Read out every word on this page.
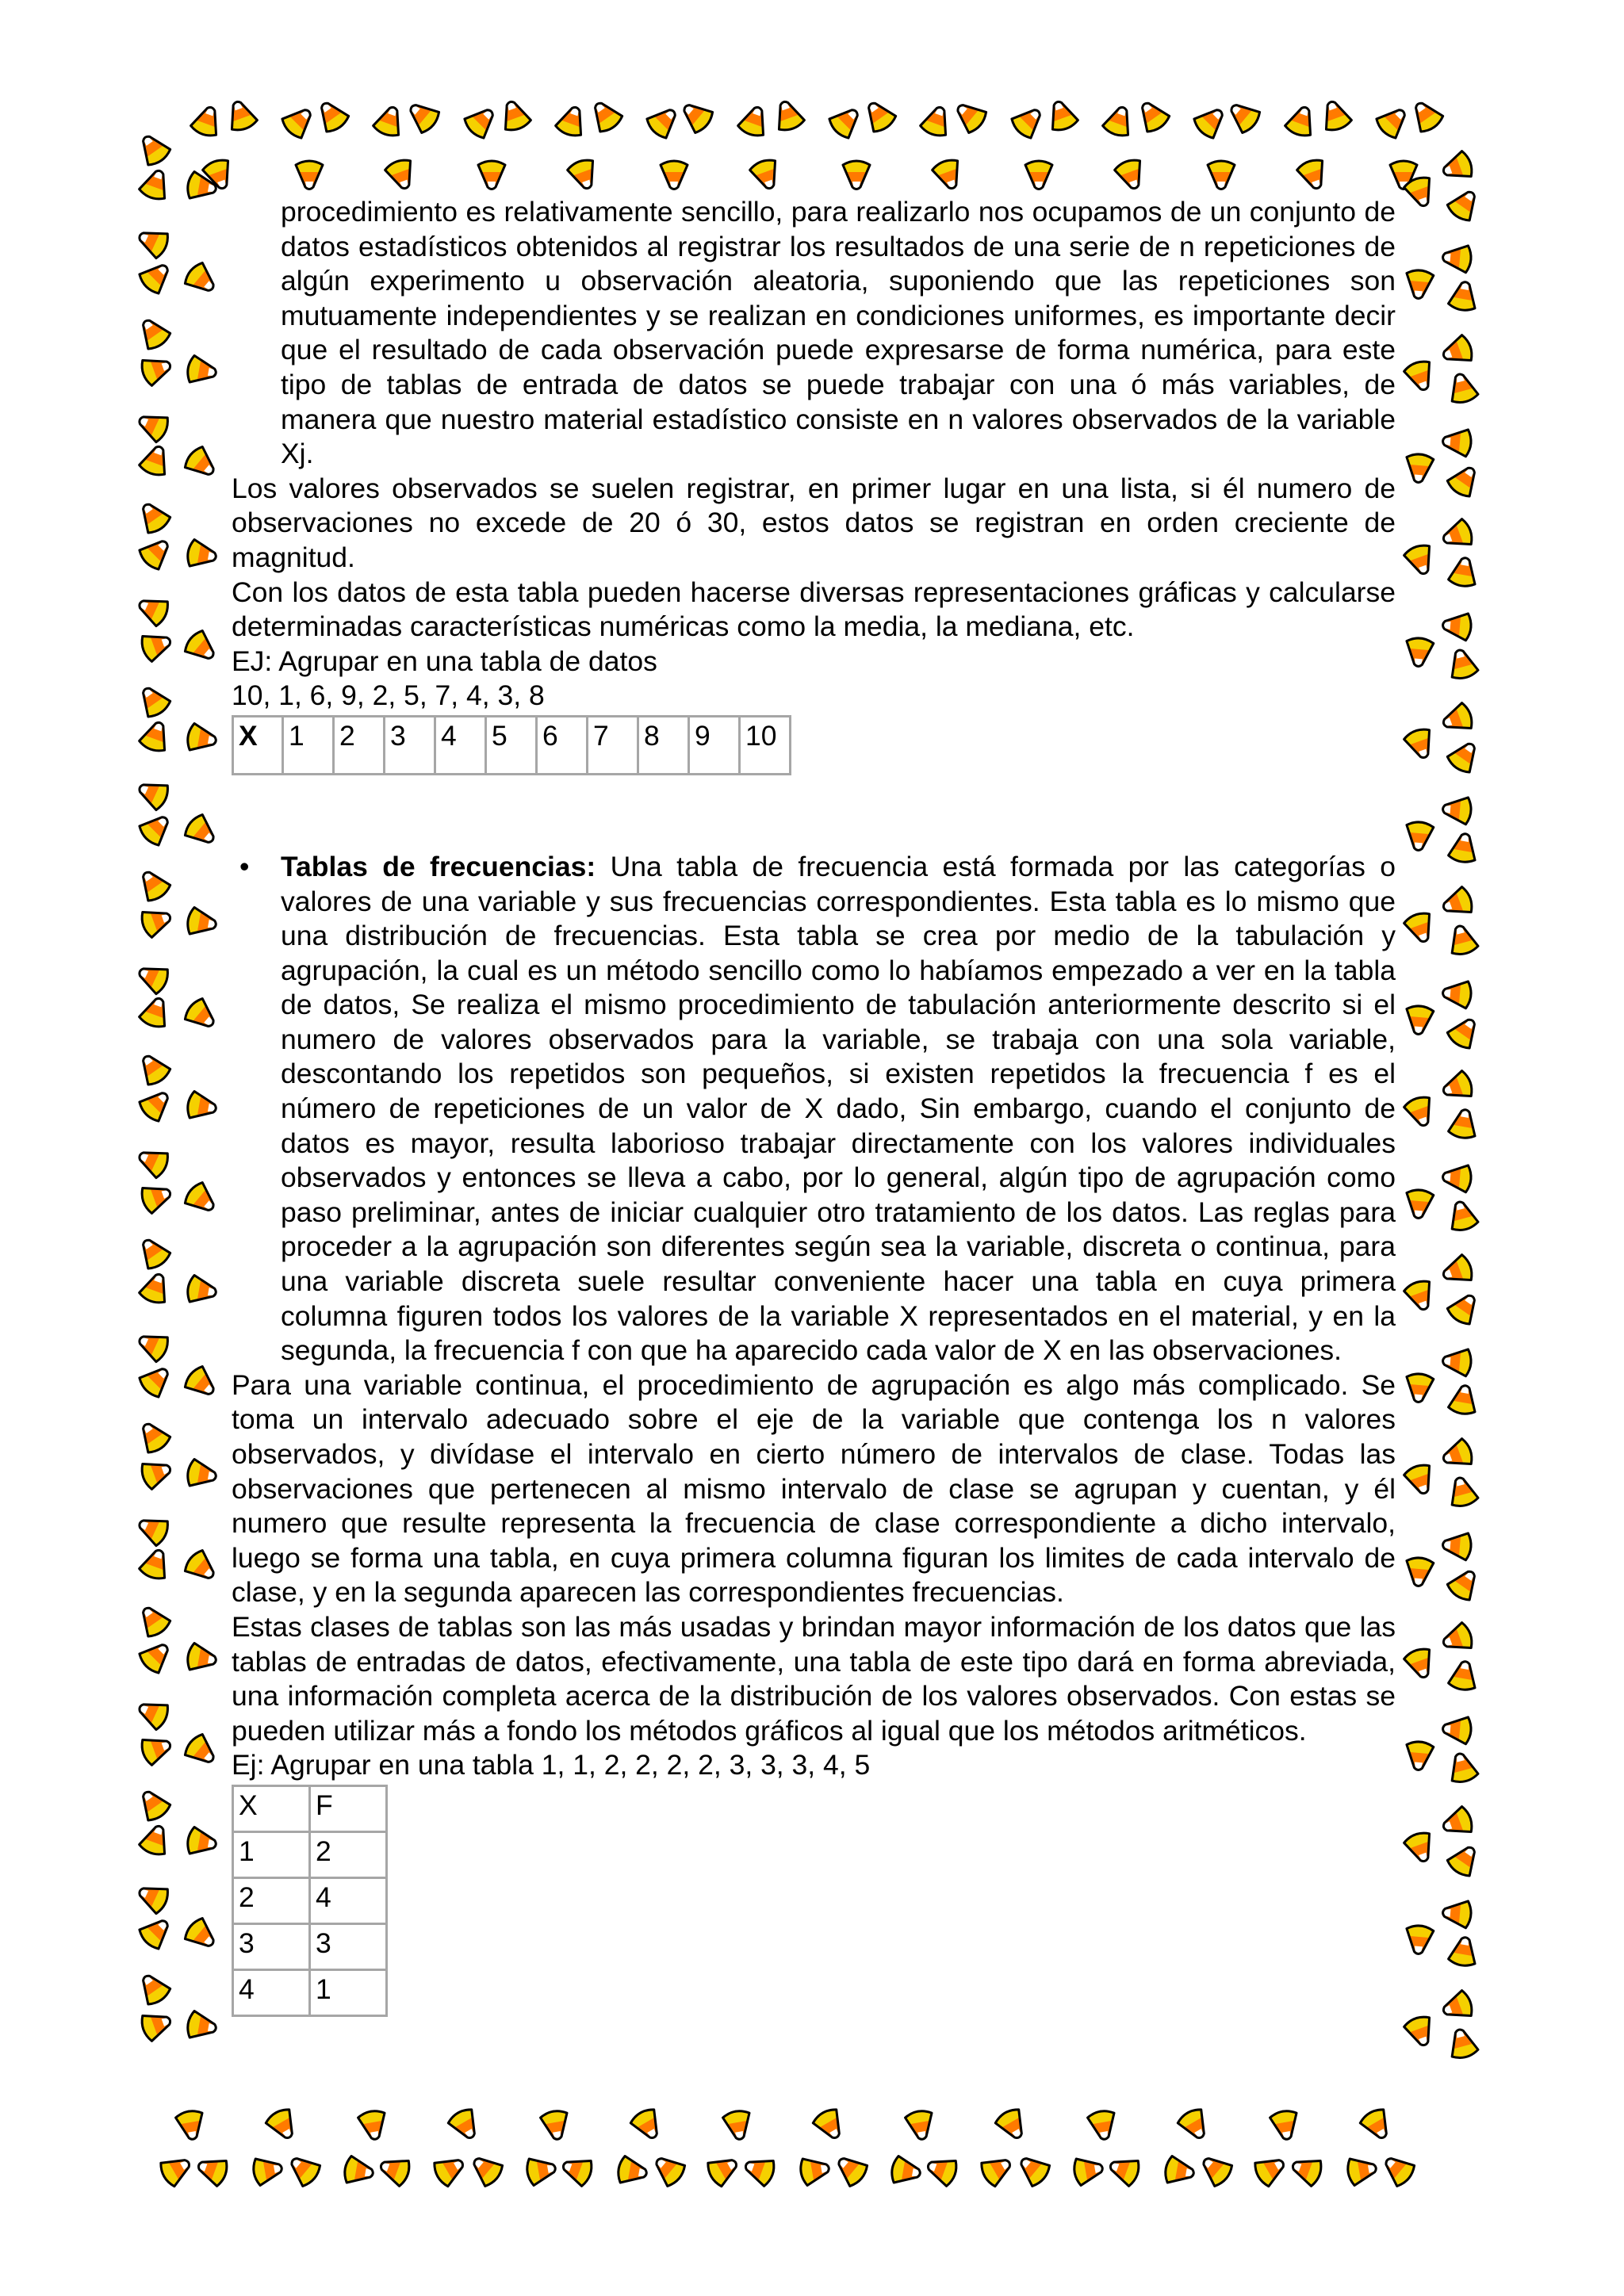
procedimiento es relativamente sencillo, para realizarlo nos ocupamos de un conjunto de datos estadísticos obtenidos al registrar los resultados de una serie de n repeticiones de algún experimento u observación aleatoria, suponiendo que las repeticiones son mutuamente independientes y se realizan en condiciones uniformes, es importante decir que el resultado de cada observación puede expresarse de forma numérica, para este tipo de tablas de entrada de datos se puede trabajar con una ó más variables, de manera que nuestro material estadístico consiste en n valores observados de la variable Xj.

Los valores observados se suelen registrar, en primer lugar en una lista, si él numero de observaciones no excede de 20 ó 30, estos datos se registran en orden creciente de magnitud.

Con los datos de esta tabla pueden hacerse diversas representaciones gráficas y calcularse determinadas características numéricas como la media, la mediana, etc.

EJ: Agrupar en una tabla de datos

10, 1, 6, 9, 2, 5, 7, 4, 3, 8

X	1	2	3	4	5	6	7	8	9	10
• Tablas de frecuencias: Una tabla de frecuencia está formada por las categorías o valores de una variable y sus frecuencias correspondientes. Esta tabla es lo mismo que una distribución de frecuencias. Esta tabla se crea por medio de la tabulación y agrupación, la cual es un método sencillo como lo habíamos empezado a ver en la tabla de datos, Se realiza el mismo procedimiento de tabulación anteriormente descrito si el numero de valores observados para la variable, se trabaja con una sola variable, descontando los repetidos son pequeños, si existen repetidos la frecuencia f es el número de repeticiones de un valor de X dado, Sin embargo, cuando el conjunto de datos es mayor, resulta laborioso trabajar directamente con los valores individuales observados y entonces se lleva a cabo, por lo general, algún tipo de agrupación como paso preliminar, antes de iniciar cualquier otro tratamiento de los datos. Las reglas para proceder a la agrupación son diferentes según sea la variable, discreta o continua, para una variable discreta suele resultar conveniente hacer una tabla en cuya primera columna figuren todos los valores de la variable X representados en el material, y en la segunda, la frecuencia f con que ha aparecido cada valor de X en las observaciones.

Para una variable continua, el procedimiento de agrupación es algo más complicado. Se toma un intervalo adecuado sobre el eje de la variable que contenga los n valores observados, y divídase el intervalo en cierto número de intervalos de clase. Todas las observaciones que pertenecen al mismo intervalo de clase se agrupan y cuentan, y él numero que resulte representa la frecuencia de clase correspondiente a dicho intervalo, luego se forma una tabla, en cuya primera columna figuran los limites de cada intervalo de clase, y en la segunda aparecen las correspondientes frecuencias.

Estas clases de tablas son las más usadas y brindan mayor información de los datos que las tablas de entradas de datos, efectivamente, una tabla de este tipo dará en forma abreviada, una información completa acerca de la distribución de los valores observados. Con estas se pueden utilizar más a fondo los métodos gráficos al igual que los métodos aritméticos.

Ej: Agrupar en una tabla 1, 1, 2, 2, 2, 2, 3, 3, 3, 4, 5

X	F
1	2
2	4
3	3
4	1
